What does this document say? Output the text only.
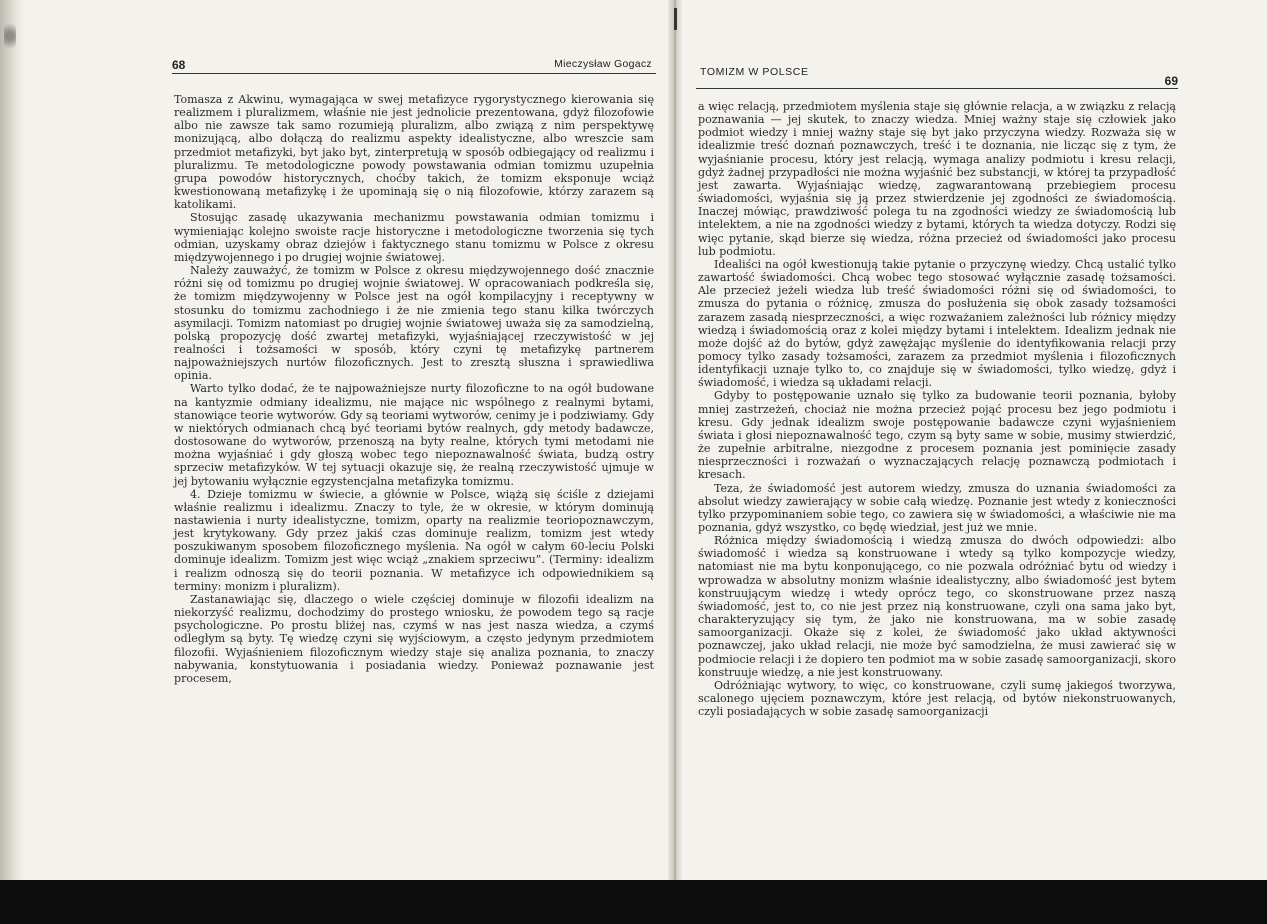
68	Mieczysław Gogacz

Tomasza z Akwinu, wymagająca w swej metafizyce rygorystycznego kierowania się realizmem i pluralizmem, właśnie nie jest jednolicie prezentowana, gdyż filozofowie albo nie zawsze tak samo rozumieją pluralizm, albo związą z nim perspektywę monizującą, albo dołączą do realizmu aspekty idealistyczne, albo wreszcie sam przedmiot metafizyki, byt jako byt, zinterpretują w sposób odbiegający od realizmu i pluralizmu. Te metodologiczne powody powstawania odmian tomizmu uzupełnia grupa powodów historycznych, choćby takich, że tomizm eksponuje wciąż kwestionowaną metafizykę i że upominają się o nią filozofowie, którzy zarazem są katolikami.

Stosując zasadę ukazywania mechanizmu powstawania odmian tomizmu i wymieniając kolejno swoiste racje historyczne i metodologiczne tworzenia się tych odmian, uzyskamy obraz dziejów i faktycznego stanu tomizmu w Polsce z okresu międzywojennego i po drugiej wojnie światowej.

Należy zauważyć, że tomizm w Polsce z okresu międzywojennego dość znacznie różni się od tomizmu po drugiej wojnie światowej. W opracowaniach podkreśla się, że tomizm międzywojenny w Polsce jest na ogół kompilacyjny i receptywny w stosunku do tomizmu zachodniego i że nie zmienia tego stanu kilka twórczych asymilacji. Tomizm natomiast po drugiej wojnie światowej uważa się za samodzielną, polską propozycję dość zwartej metafizyki, wyjaśniającej rzeczywistość w jej realności i tożsamości w sposób, który czyni tę metafizykę partnerem najpoważniejszych nurtów filozoficznych. Jest to zresztą słuszna i sprawiedliwa opinia.

Warto tylko dodać, że te najpoważniejsze nurty filozoficzne to na ogół budowane na kantyzmie odmiany idealizmu, nie mające nic wspólnego z realnymi bytami, stanowiące teorie wytworów. Gdy są teoriami wytworów, cenimy je i podziwiamy. Gdy w niektórych odmianach chcą być teoriami bytów realnych, gdy metody badawcze, dostosowane do wytworów, przenoszą na byty realne, których tymi metodami nie można wyjaśniać i gdy głoszą wobec tego niepoznawalność świata, budzą ostry sprzeciw metafizyków. W tej sytuacji okazuje się, że realną rzeczywistość ujmuje w jej bytowaniu wyłącznie egzystencjalna metafizyka tomizmu.

4. Dzieje tomizmu w świecie, a głównie w Polsce, wiążą się ściśle z dziejami właśnie realizmu i idealizmu. Znaczy to tyle, że w okresie, w którym dominują nastawienia i nurty idealistyczne, tomizm, oparty na realizmie teoriopoznawczym, jest krytykowany. Gdy przez jakiś czas dominuje realizm, tomizm jest wtedy poszukiwanym sposobem filozoficznego myślenia. Na ogół w całym 60-leciu Polski dominuje idealizm. Tomizm jest więc wciąż „znakiem sprzeciwu”. (Terminy: idealizm i realizm odnoszą się do teorii poznania. W metafizyce ich odpowiednikiem są terminy: monizm i pluralizm).

Zastanawiając się, dlaczego o wiele częściej dominuje w filozofii idealizm na niekorzyść realizmu, dochodzimy do prostego wniosku, że powodem tego są racje psychologiczne. Po prostu bliżej nas, czymś w nas jest nasza wiedza, a czymś odległym są byty. Tę wiedzę czyni się wyjściowym, a często jedynym przedmiotem filozofii. Wyjaśnieniem filozoficznym wiedzy staje się analiza poznania, to znaczy nabywania, konstytuowania i posiadania wiedzy. Ponieważ poznawanie jest procesem,

TOMIZM W POLSCE
69

a więc relacją, przedmiotem myślenia staje się głównie relacja, a w związku z relacją poznawania — jej skutek, to znaczy wiedza. Mniej ważny staje się człowiek jako podmiot wiedzy i mniej ważny staje się byt jako przyczyna wiedzy. Rozważa się w idealizmie treść doznań poznawczych, treść i te doznania, nie licząc się z tym, że wyjaśnianie procesu, który jest relacją, wymaga analizy podmiotu i kresu relacji, gdyż żadnej przypadłości nie można wyjaśnić bez substancji, w której ta przypadłość jest zawarta. Wyjaśniając wiedzę, zagwarantowaną przebiegiem procesu świadomości, wyjaśnia się ją przez stwierdzenie jej zgodności ze świadomością. Inaczej mówiąc, prawdziwość polega tu na zgodności wiedzy ze świadomością lub intelektem, a nie na zgodności wiedzy z bytami, których ta wiedza dotyczy. Rodzi się więc pytanie, skąd bierze się wiedza, różna przecież od świadomości jako procesu lub podmiotu.

Idealiści na ogół kwestionują takie pytanie o przyczynę wiedzy. Chcą ustalić tylko zawartość świadomości. Chcą wobec tego stosować wyłącznie zasadę tożsamości. Ale przecież jeżeli wiedza lub treść świadomości różni się od świadomości, to zmusza do pytania o różnicę, zmusza do posłużenia się obok zasady tożsamości zarazem zasadą niesprzeczności, a więc rozważaniem zależności lub różnicy między wiedzą i świadomością oraz z kolei między bytami i intelektem. Idealizm jednak nie może dojść aż do bytów, gdyż zawężając myślenie do identyfikowania relacji przy pomocy tylko zasady tożsamości, zarazem za przedmiot myślenia i filozoficznych identyfikacji uznaje tylko to, co znajduje się w świadomości, tylko wiedzę, gdyż i świadomość, i wiedza są układami relacji.

Gdyby to postępowanie uznało się tylko za budowanie teorii poznania, byłoby mniej zastrzeżeń, chociaż nie można przecież pojąć procesu bez jego podmiotu i kresu. Gdy jednak idealizm swoje postępowanie badawcze czyni wyjaśnieniem świata i głosi niepoznawalność tego, czym są byty same w sobie, musimy stwierdzić, że zupełnie arbitralne, niezgodne z procesem poznania jest pominięcie zasady niesprzeczności i rozważań o wyznaczających relację poznawczą podmiotach i kresach.

Teza, że świadomość jest autorem wiedzy, zmusza do uznania świadomości za absolut wiedzy zawierający w sobie całą wiedzę. Poznanie jest wtedy z konieczności tylko przypominaniem sobie tego, co zawiera się w świadomości, a właściwie nie ma poznania, gdyż wszystko, co będę wiedział, jest już we mnie.

Różnica między świadomością i wiedzą zmusza do dwóch odpowiedzi: albo świadomość i wiedza są konstruowane i wtedy są tylko kompozycje wiedzy, natomiast nie ma bytu konponującego, co nie pozwala odróżniać bytu od wiedzy i wprowadza w absolutny monizm właśnie idealistyczny, albo świadomość jest bytem konstruującym wiedzę i wtedy oprócz tego, co skonstruowane przez naszą świadomość, jest to, co nie jest przez nią konstruowane, czyli ona sama jako byt, charakteryzujący się tym, że jako nie konstruowana, ma w sobie zasadę samoorganizacji. Okaże się z kolei, że świadomość jako układ aktywności poznawczej, jako układ relacji, nie może być samodzielna, że musi zawierać się w podmiocie relacji i że dopiero ten podmiot ma w sobie zasadę samoorganizacji, skoro konstruuje wiedzę, a nie jest konstruowany.

Odróżniając wytwory, to więc, co konstruowane, czyli sumę jakiegoś tworzywa, scalonego ujęciem poznawczym, które jest relacją, od bytów niekonstruowanych, czyli posiadających w sobie zasadę samoorganizacji
